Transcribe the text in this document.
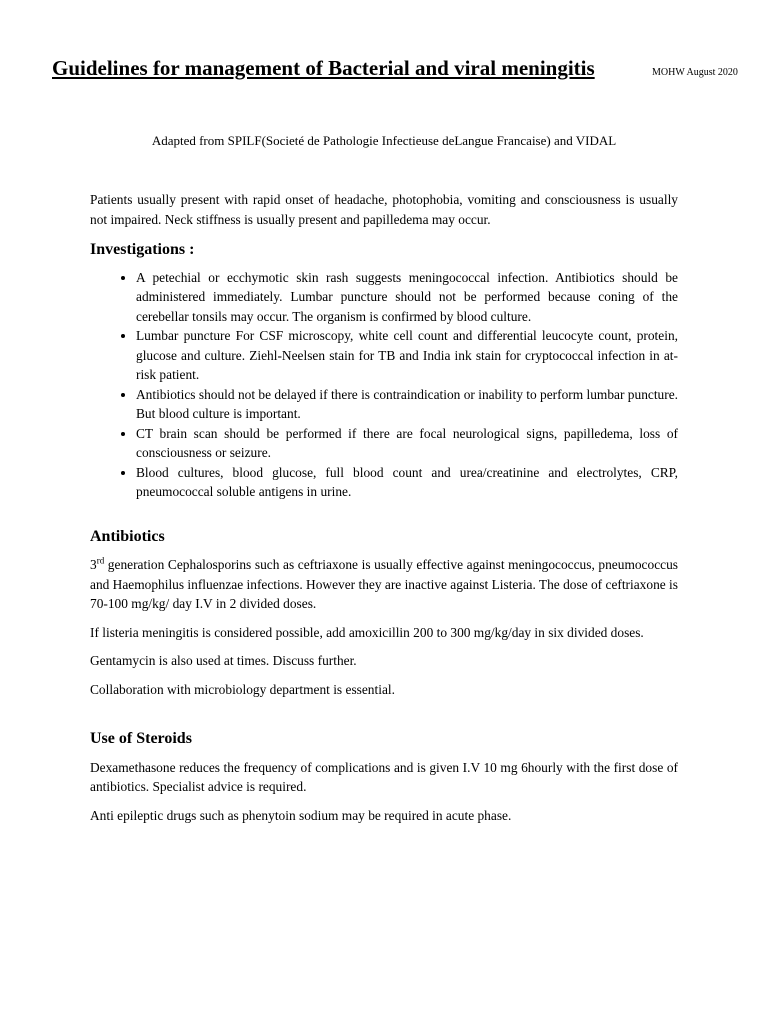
Guidelines for management of Bacterial and viral meningitis	MOHW August 2020
Adapted from SPILF(Societé de Pathologie Infectieuse deLangue Francaise) and VIDAL

Patients usually present with rapid onset of headache, photophobia, vomiting and consciousness is usually not impaired. Neck stiffness is usually present and papilledema may occur.

Investigations :
• A petechial or ecchymotic skin rash suggests meningococcal infection. Antibiotics should be administered immediately. Lumbar puncture should not be performed because coning of the cerebellar tonsils may occur. The organism is confirmed by blood culture.
• Lumbar puncture For CSF microscopy, white cell count and differential leucocyte count, protein, glucose and culture. Ziehl-Neelsen stain for TB and India ink stain for cryptococcal infection in at-risk patient.
• Antibiotics should not be delayed if there is contraindication or inability to perform lumbar puncture. But blood culture is important.
• CT brain scan should be performed if there are focal neurological signs, papilledema, loss of consciousness or seizure.
• Blood cultures, blood glucose, full blood count and urea/creatinine and electrolytes, CRP, pneumococcal soluble antigens in urine.
Antibiotics

3rd generation Cephalosporins such as ceftriaxone is usually effective against meningococcus, pneumococcus and Haemophilus influenzae infections. However they are inactive against Listeria. The dose of ceftriaxone is 70-100 mg/kg/ day I.V in 2 divided doses.

If listeria meningitis is considered possible, add amoxicillin 200 to 300 mg/kg/day in six divided doses.

Gentamycin is also used at times. Discuss further.

Collaboration with microbiology department is essential.

Use of Steroids

Dexamethasone reduces the frequency of complications and is given I.V 10 mg 6hourly with the first dose of antibiotics. Specialist advice is required.

Anti epileptic drugs such as phenytoin sodium may be required in acute phase.
